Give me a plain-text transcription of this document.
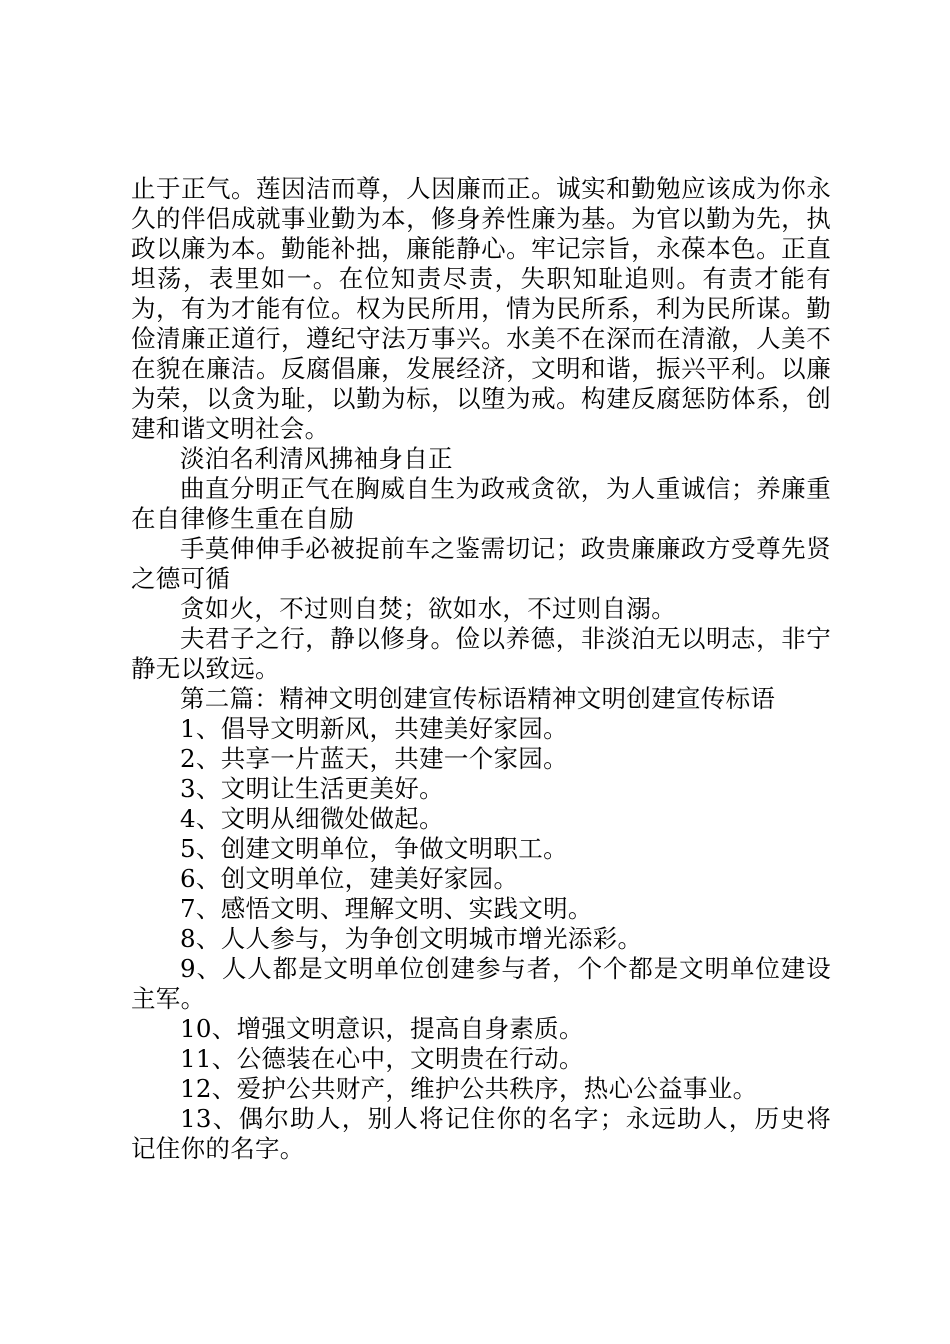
止于正气。莲因洁而尊，人因廉而正。诚实和勤勉应该成为你永久的伴侣成就事业勤为本，修身养性廉为基。为官以勤为先，执政以廉为本。勤能补拙，廉能静心。牢记宗旨，永葆本色。正直坦荡，表里如一。在位知责尽责，失职知耻追则。有责才能有为，有为才能有位。权为民所用，情为民所系，利为民所谋。勤俭清廉正道行，遵纪守法万事兴。水美不在深而在清澈，人美不在貌在廉洁。反腐倡廉，发展经济，文明和谐，振兴平利。以廉为荣，以贪为耻，以勤为标，以堕为戒。构建反腐惩防体系，创建和谐文明社会。

淡泊名利清风拂袖身自正

曲直分明正气在胸威自生为政戒贪欲，为人重诚信；养廉重在自律修生重在自励

手莫伸伸手必被捉前车之鉴需切记；政贵廉廉政方受尊先贤之德可循

贪如火，不过则自焚；欲如水，不过则自溺。

夫君子之行，静以修身。俭以养德，非淡泊无以明志，非宁静无以致远。

第二篇：精神文明创建宣传标语精神文明创建宣传标语

1、倡导文明新风，共建美好家园。

2、共享一片蓝天，共建一个家园。

3、文明让生活更美好。

4、文明从细微处做起。

5、创建文明单位，争做文明职工。

6、创文明单位，建美好家园。

7、感悟文明、理解文明、实践文明。

8、人人参与，为争创文明城市增光添彩。

9、人人都是文明单位创建参与者，个个都是文明单位建设主军。

10、增强文明意识，提高自身素质。

11、公德装在心中，文明贵在行动。

12、爱护公共财产，维护公共秩序，热心公益事业。

13、偶尔助人，别人将记住你的名字；永远助人，历史将记住你的名字。
